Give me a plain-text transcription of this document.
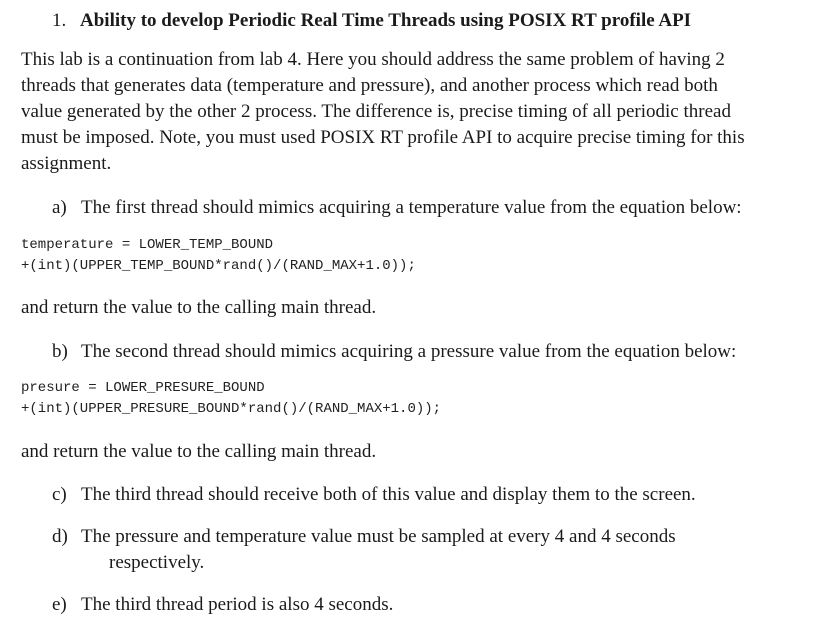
1. Ability to develop Periodic Real Time Threads using POSIX RT profile API
This lab is a continuation from lab 4. Here you should address the same problem of having 2
threads that generates data (temperature and pressure), and another process which read both
value generated by the other 2 process. The difference is, precise timing of all periodic thread
must be imposed. Note, you must used POSIX RT profile API to acquire precise timing for this
assignment.
a) The first thread should mimics acquiring a temperature value from the equation below:
temperature = LOWER_TEMP_BOUND
+(int)(UPPER_TEMP_BOUND*rand()/(RAND_MAX+1.0));
and return the value to the calling main thread.
b) The second thread should mimics acquiring a pressure value from the equation below:
presure = LOWER_PRESURE_BOUND
+(int)(UPPER_PRESURE_BOUND*rand()/(RAND_MAX+1.0));
and return the value to the calling main thread.
c) The third thread should receive both of this value and display them to the screen.
d) The pressure and temperature value must be sampled at every 4 and 4 seconds
respectively.
e) The third thread period is also 4 seconds.
